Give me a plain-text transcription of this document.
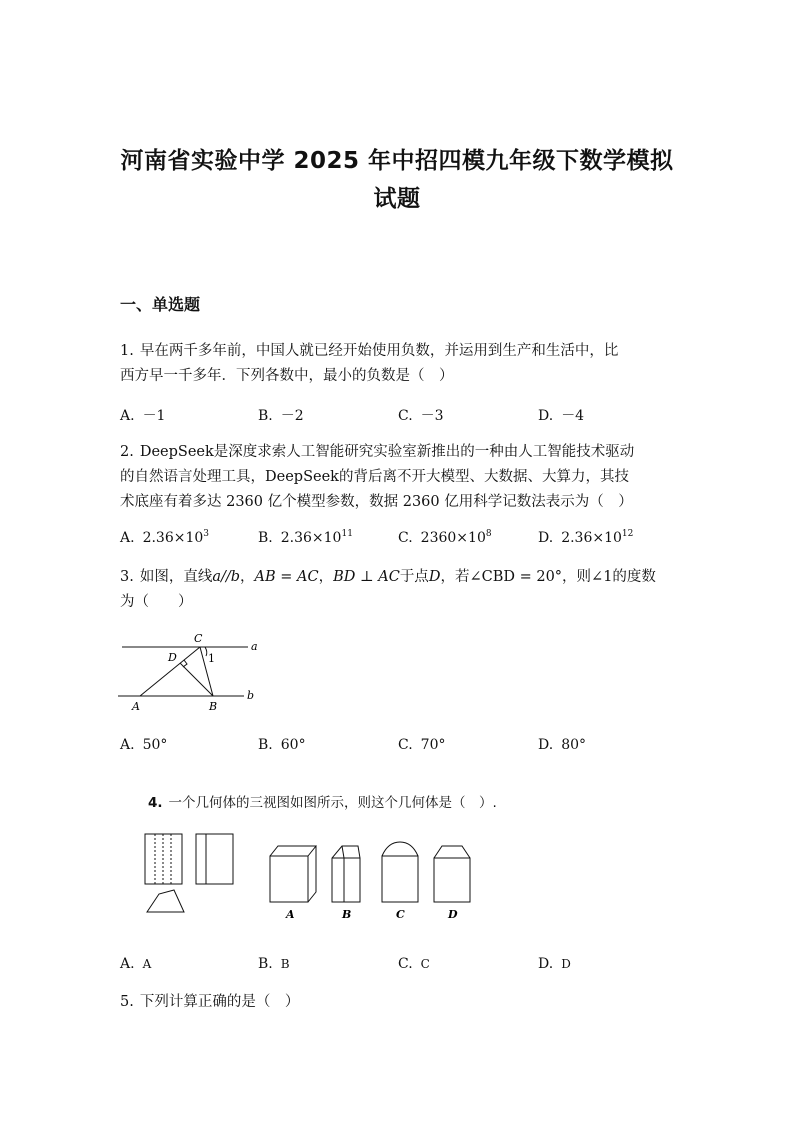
河南省实验中学 2025 年中招四模九年级下数学模拟
试题
一、单选题
1. 早在两千多年前，中国人就已经开始使用负数，并运用到生产和生活中，比
西方早一千多年．下列各数中，最小的负数是（　）
A. －1	B. －2	C. －3	D. －4
2. DeepSeek是深度求索人工智能研究实验室新推出的一种由人工智能技术驱动
的自然语言处理工具，DeepSeek的背后离不开大模型、大数据、大算力，其技
术底座有着多达 2360 亿个模型参数，数据 2360 亿用科学记数法表示为（　）
A. $2.36\times 10^3$	B. $2.36\times 10^{11}$	C. $2360\times 10^8$	D. $2.36\times 10^{12}$
3. 如图，直线a//b，AB = AC，BD ⊥ AC于点D，若∠CBD = 20°，则∠1的度数
为（　　）
C
D	1
a
b
A	B
A. 50°	B. 60°	C. 70°	D. 80°
4. 一个几何体的三视图如图所示，则这个几何体是（　）.
A	B	C	D
A. A	B. B	C. C	D. D
5. 下列计算正确的是（　）
